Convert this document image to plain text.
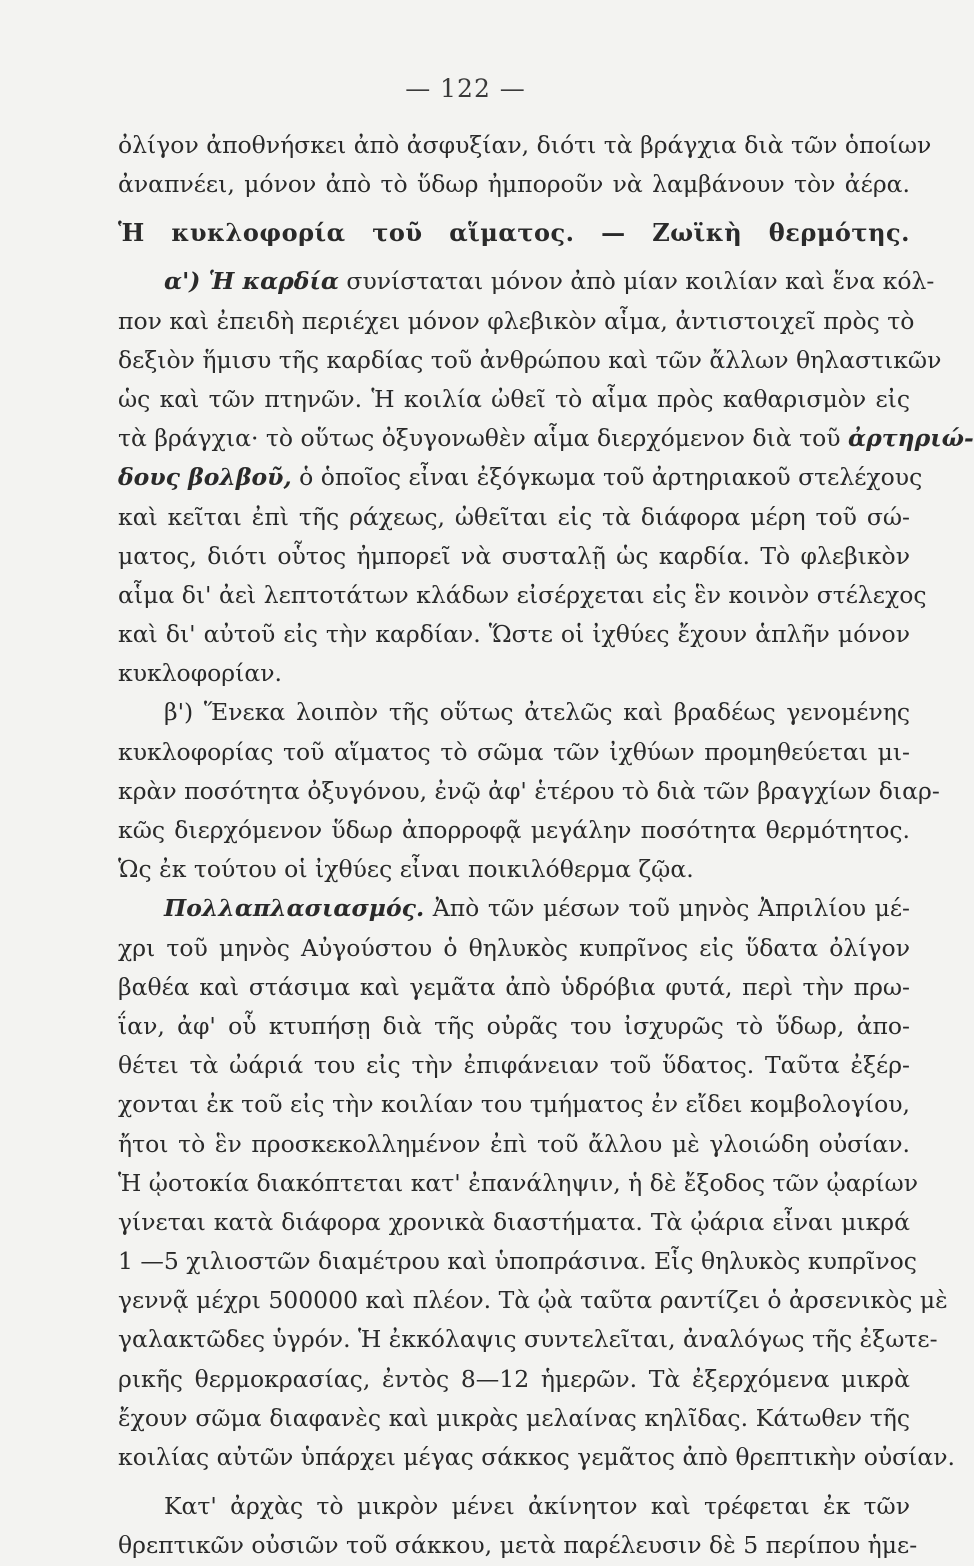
— 122 —
ὀλίγον ἀποθνήσκει ἀπὸ ἀσφυξίαν, διότι τὰ βράγχια διὰ τῶν ὁποίων
ἀναπνέει, μόνον ἀπὸ τὸ ὕδωρ ἠμποροῦν νὰ λαμβάνουν τὸν ἀέρα.
Ἡ κυκλοφορία τοῦ αἵματος. — Ζωϊκὴ θερμότης.
α') Ἡ καρδία συνίσταται μόνον ἀπὸ μίαν κοιλίαν καὶ ἕνα κόλ-
πον καὶ ἐπειδὴ περιέχει μόνον φλεβικὸν αἷμα, ἀντιστοιχεῖ πρὸς τὸ
δεξιὸν ἥμισυ τῆς καρδίας τοῦ ἀνθρώπου καὶ τῶν ἄλλων θηλαστικῶν
ὡς καὶ τῶν πτηνῶν. Ἡ κοιλία ὠθεῖ τὸ αἷμα πρὸς καθαρισμὸν εἰς
τὰ βράγχια· τὸ οὕτως ὀξυγονωθὲν αἷμα διερχόμενον διὰ τοῦ ἀρτηριώ-
δους βολβοῦ, ὁ ὁποῖος εἶναι ἐξόγκωμα τοῦ ἀρτηριακοῦ στελέχους
καὶ κεῖται ἐπὶ τῆς ράχεως, ὠθεῖται εἰς τὰ διάφορα μέρη τοῦ σώ-
ματος, διότι οὗτος ἠμπορεῖ νὰ συσταλῇ ὡς καρδία. Τὸ φλεβικὸν
αἷμα δι' ἀεὶ λεπτοτάτων κλάδων εἰσέρχεται εἰς ἓν κοινὸν στέλεχος
καὶ δι' αὐτοῦ εἰς τὴν καρδίαν. Ὥστε οἱ ἰχθύες ἔχουν ἁπλῆν μόνον
κυκλοφορίαν.
β') Ἕνεκα λοιπὸν τῆς οὕτως ἀτελῶς καὶ βραδέως γενομένης
κυκλοφορίας τοῦ αἵματος τὸ σῶμα τῶν ἰχθύων προμηθεύεται μι-
κρὰν ποσότητα ὀξυγόνου, ἐνῷ ἀφ' ἑτέρου τὸ διὰ τῶν βραγχίων διαρ-
κῶς διερχόμενον ὕδωρ ἀπορροφᾷ μεγάλην ποσότητα θερμότητος.
Ὡς ἐκ τούτου οἱ ἰχθύες εἶναι ποικιλόθερμα ζῷα.
Πολλαπλασιασμός. Ἀπὸ τῶν μέσων τοῦ μηνὸς Ἀπριλίου μέ-
χρι τοῦ μηνὸς Αὐγούστου ὁ θηλυκὸς κυπρῖνος εἰς ὕδατα ὀλίγον
βαθέα καὶ στάσιμα καὶ γεμᾶτα ἀπὸ ὑδρόβια φυτά, περὶ τὴν πρω-
ΐαν, ἀφ' οὗ κτυπήσῃ διὰ τῆς οὐρᾶς του ἰσχυρῶς τὸ ὕδωρ, ἀπο-
θέτει τὰ ὠάριά του εἰς τὴν ἐπιφάνειαν τοῦ ὕδατος. Ταῦτα ἐξέρ-
χονται ἐκ τοῦ εἰς τὴν κοιλίαν του τμήματος ἐν εἴδει κομβολογίου,
ἤτοι τὸ ἓν προσκεκολλημένον ἐπὶ τοῦ ἄλλου μὲ γλοιώδη οὐσίαν.
Ἡ ᾠοτοκία διακόπτεται κατ' ἐπανάληψιν, ἡ δὲ ἔξοδος τῶν ᾠαρίων
γίνεται κατὰ διάφορα χρονικὰ διαστήματα. Τὰ ᾠάρια εἶναι μικρά
1 —5 χιλιοστῶν διαμέτρου καὶ ὑποπράσινα. Εἷς θηλυκὸς κυπρῖνος
γεννᾷ μέχρι 500000 καὶ πλέον. Τὰ ᾠὰ ταῦτα ραντίζει ὁ ἀρσενικὸς μὲ
γαλακτῶδες ὑγρόν. Ἡ ἐκκόλαψις συντελεῖται, ἀναλόγως τῆς ἐξωτε-
ρικῆς θερμοκρασίας, ἐντὸς 8—12 ἡμερῶν. Τὰ ἐξερχόμενα μικρὰ
ἔχουν σῶμα διαφανὲς καὶ μικρὰς μελαίνας κηλῖδας. Κάτωθεν τῆς
κοιλίας αὐτῶν ὑπάρχει μέγας σάκκος γεμᾶτος ἀπὸ θρεπτικὴν οὐσίαν.
Κατ' ἀρχὰς τὸ μικρὸν μένει ἀκίνητον καὶ τρέφεται ἐκ τῶν
θρεπτικῶν οὐσιῶν τοῦ σάκκου, μετὰ παρέλευσιν δὲ 5 περίπου ἡμε-
